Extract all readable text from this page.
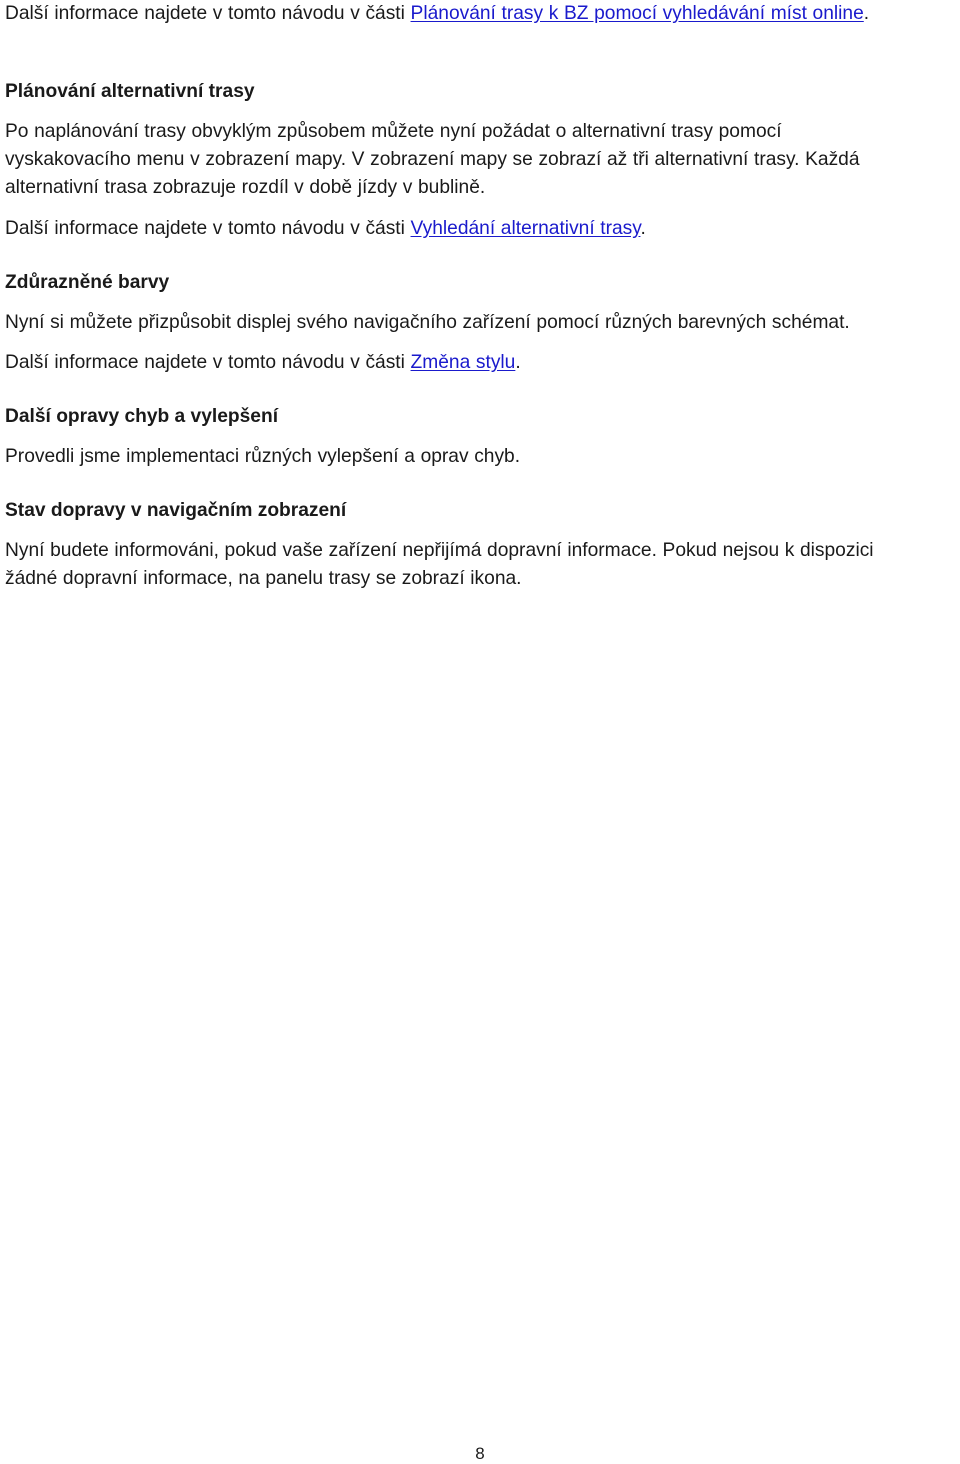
Další informace najdete v tomto návodu v části Plánování trasy k BZ pomocí vyhledávání míst online.

Plánování alternativní trasy

Po naplánování trasy obvyklým způsobem můžete nyní požádat o alternativní trasy pomocí vyskakovacího menu v zobrazení mapy. V zobrazení mapy se zobrazí až tři alternativní trasy. Každá alternativní trasa zobrazuje rozdíl v době jízdy v bublině.

Další informace najdete v tomto návodu v části Vyhledání alternativní trasy.

Zdůrazněné barvy

Nyní si můžete přizpůsobit displej svého navigačního zařízení pomocí různých barevných schémat.

Další informace najdete v tomto návodu v části Změna stylu.

Další opravy chyb a vylepšení

Provedli jsme implementaci různých vylepšení a oprav chyb.

Stav dopravy v navigačním zobrazení

Nyní budete informováni, pokud vaše zařízení nepřijímá dopravní informace. Pokud nejsou k dispozici žádné dopravní informace, na panelu trasy se zobrazí ikona.

8
